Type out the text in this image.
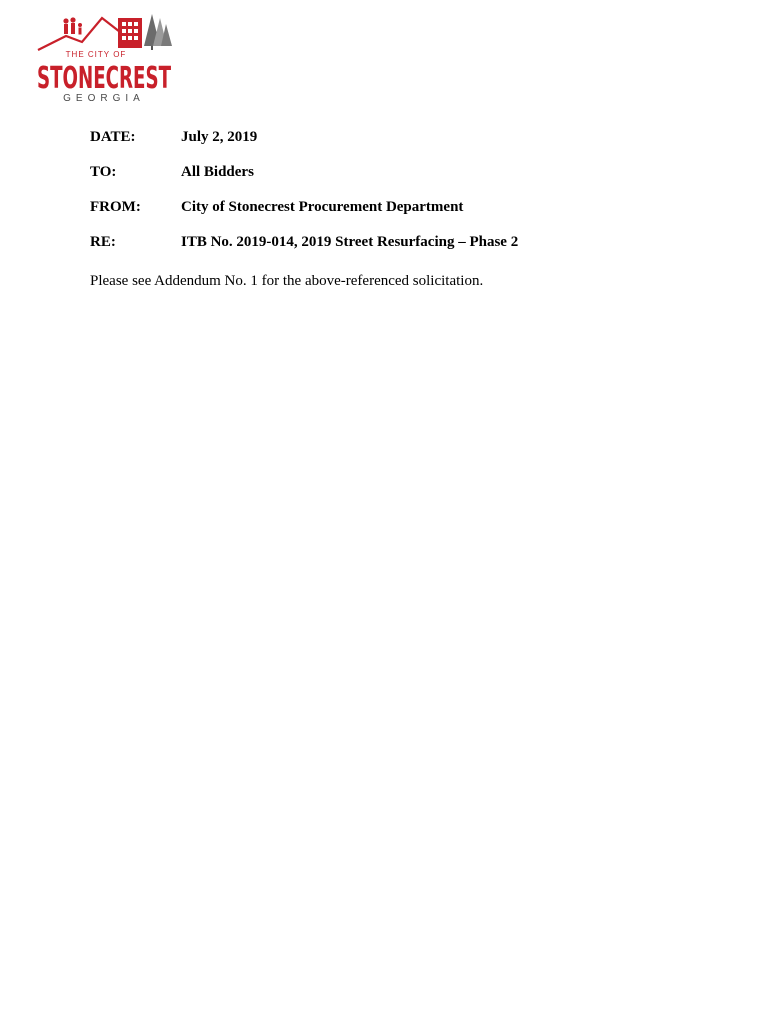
THE CITY OF
STONECREST
GEORGIA
DATE:	July 2, 2019
TO:	All Bidders
FROM:	City of Stonecrest Procurement Department
RE:	ITB No. 2019-014, 2019 Street Resurfacing – Phase 2
Please see Addendum No. 1 for the above-referenced solicitation.
